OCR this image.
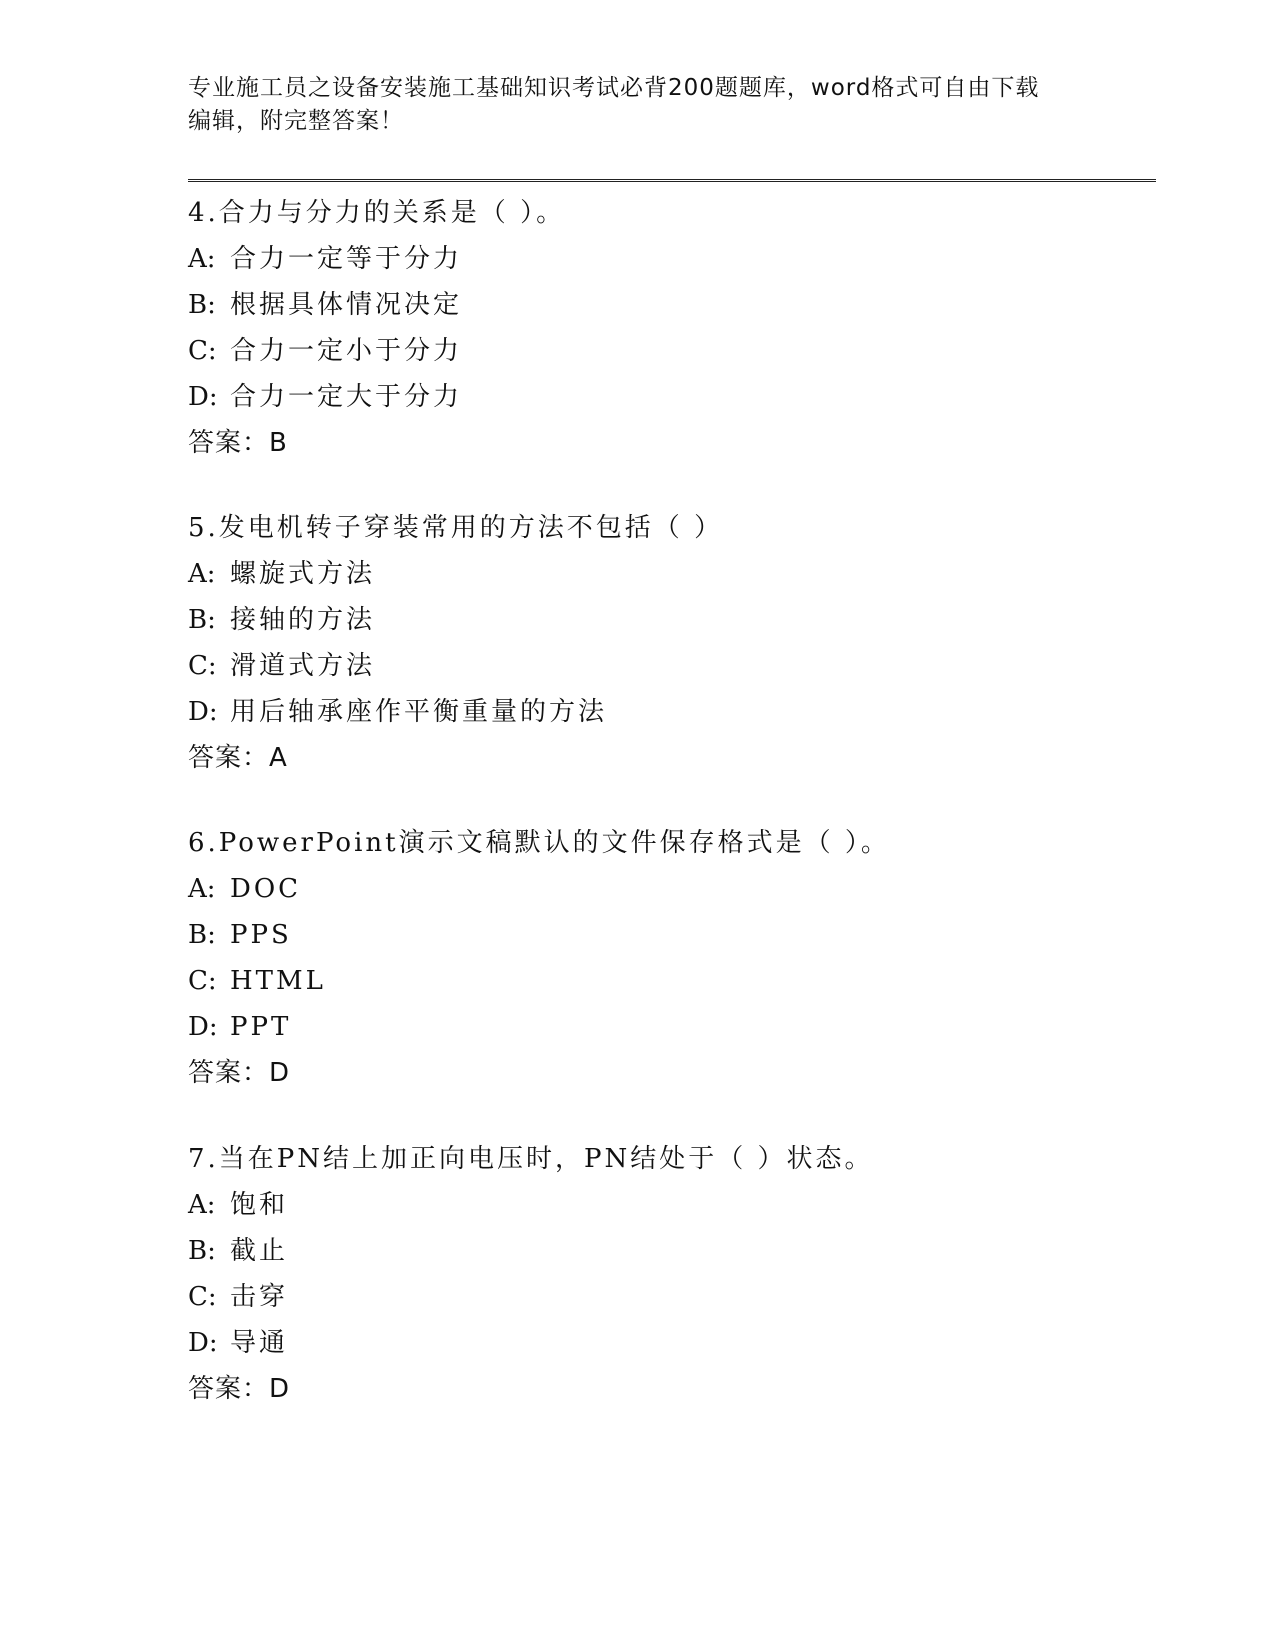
专业施工员之设备安装施工基础知识考试必背200题题库，word格式可自由下载
编辑，附完整答案！
4.合力与分力的关系是（ ）。
A: 合力一定等于分力
B: 根据具体情况决定
C: 合力一定小于分力
D: 合力一定大于分力
答案：B
5.发电机转子穿装常用的方法不包括（ ）
A: 螺旋式方法
B: 接轴的方法
C: 滑道式方法
D: 用后轴承座作平衡重量的方法
答案：A
6.PowerPoint演示文稿默认的文件保存格式是（ ）。
A: DOC
B: PPS
C: HTML
D: PPT
答案：D
7.当在PN结上加正向电压时，PN结处于（ ）状态。
A: 饱和
B: 截止
C: 击穿
D: 导通
答案：D
